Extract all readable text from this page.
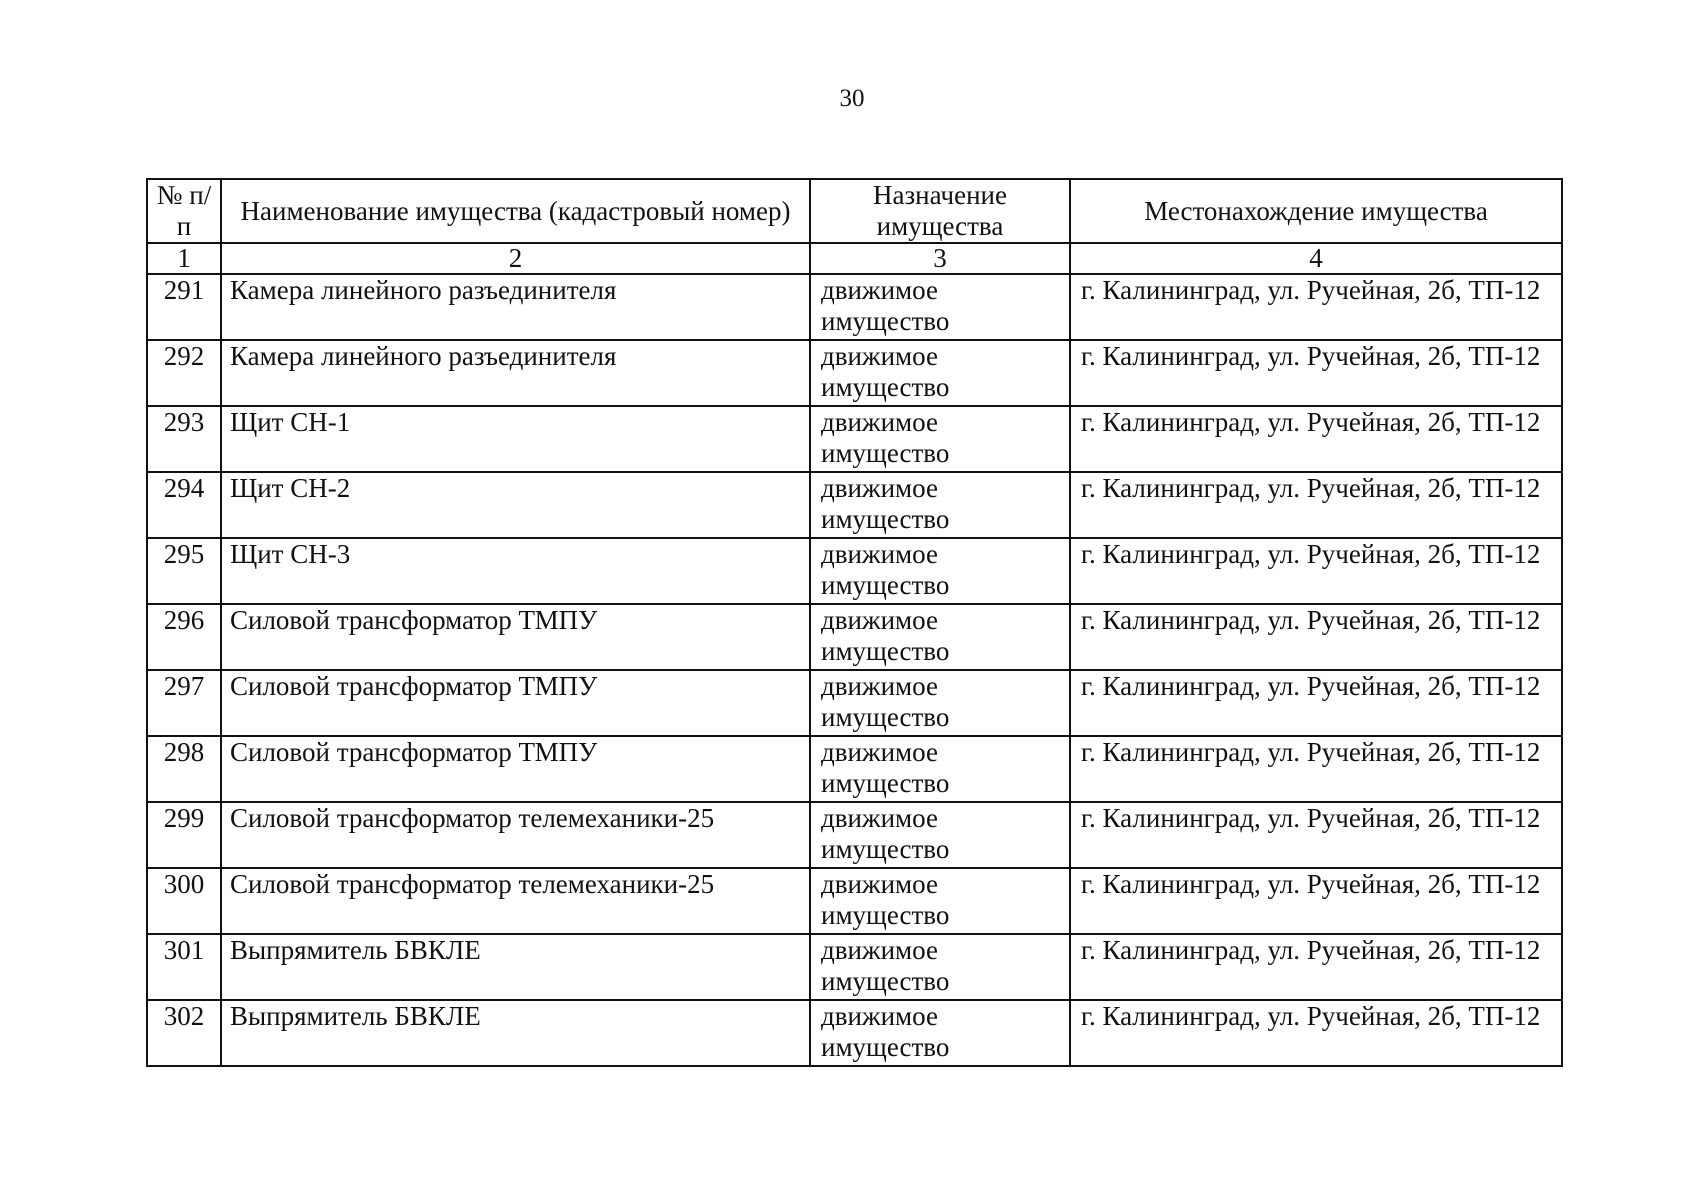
30
№ п/п	Наименование имущества (кадастровый номер)	Назначение имущества	Местонахождение имущества
1	2	3	4
291	Камера линейного разъединителя	движимое имущество	г. Калининград, ул. Ручейная, 2б, ТП-12
292	Камера линейного разъединителя	движимое имущество	г. Калининград, ул. Ручейная, 2б, ТП-12
293	Щит СН-1	движимое имущество	г. Калининград, ул. Ручейная, 2б, ТП-12
294	Щит СН-2	движимое имущество	г. Калининград, ул. Ручейная, 2б, ТП-12
295	Щит СН-3	движимое имущество	г. Калининград, ул. Ручейная, 2б, ТП-12
296	Силовой трансформатор ТМПУ	движимое имущество	г. Калининград, ул. Ручейная, 2б, ТП-12
297	Силовой трансформатор ТМПУ	движимое имущество	г. Калининград, ул. Ручейная, 2б, ТП-12
298	Силовой трансформатор ТМПУ	движимое имущество	г. Калининград, ул. Ручейная, 2б, ТП-12
299	Силовой трансформатор телемеханики-25	движимое имущество	г. Калининград, ул. Ручейная, 2б, ТП-12
300	Силовой трансформатор телемеханики-25	движимое имущество	г. Калининград, ул. Ручейная, 2б, ТП-12
301	Выпрямитель БВКЛЕ	движимое имущество	г. Калининград, ул. Ручейная, 2б, ТП-12
302	Выпрямитель БВКЛЕ	движимое имущество	г. Калининград, ул. Ручейная, 2б, ТП-12
